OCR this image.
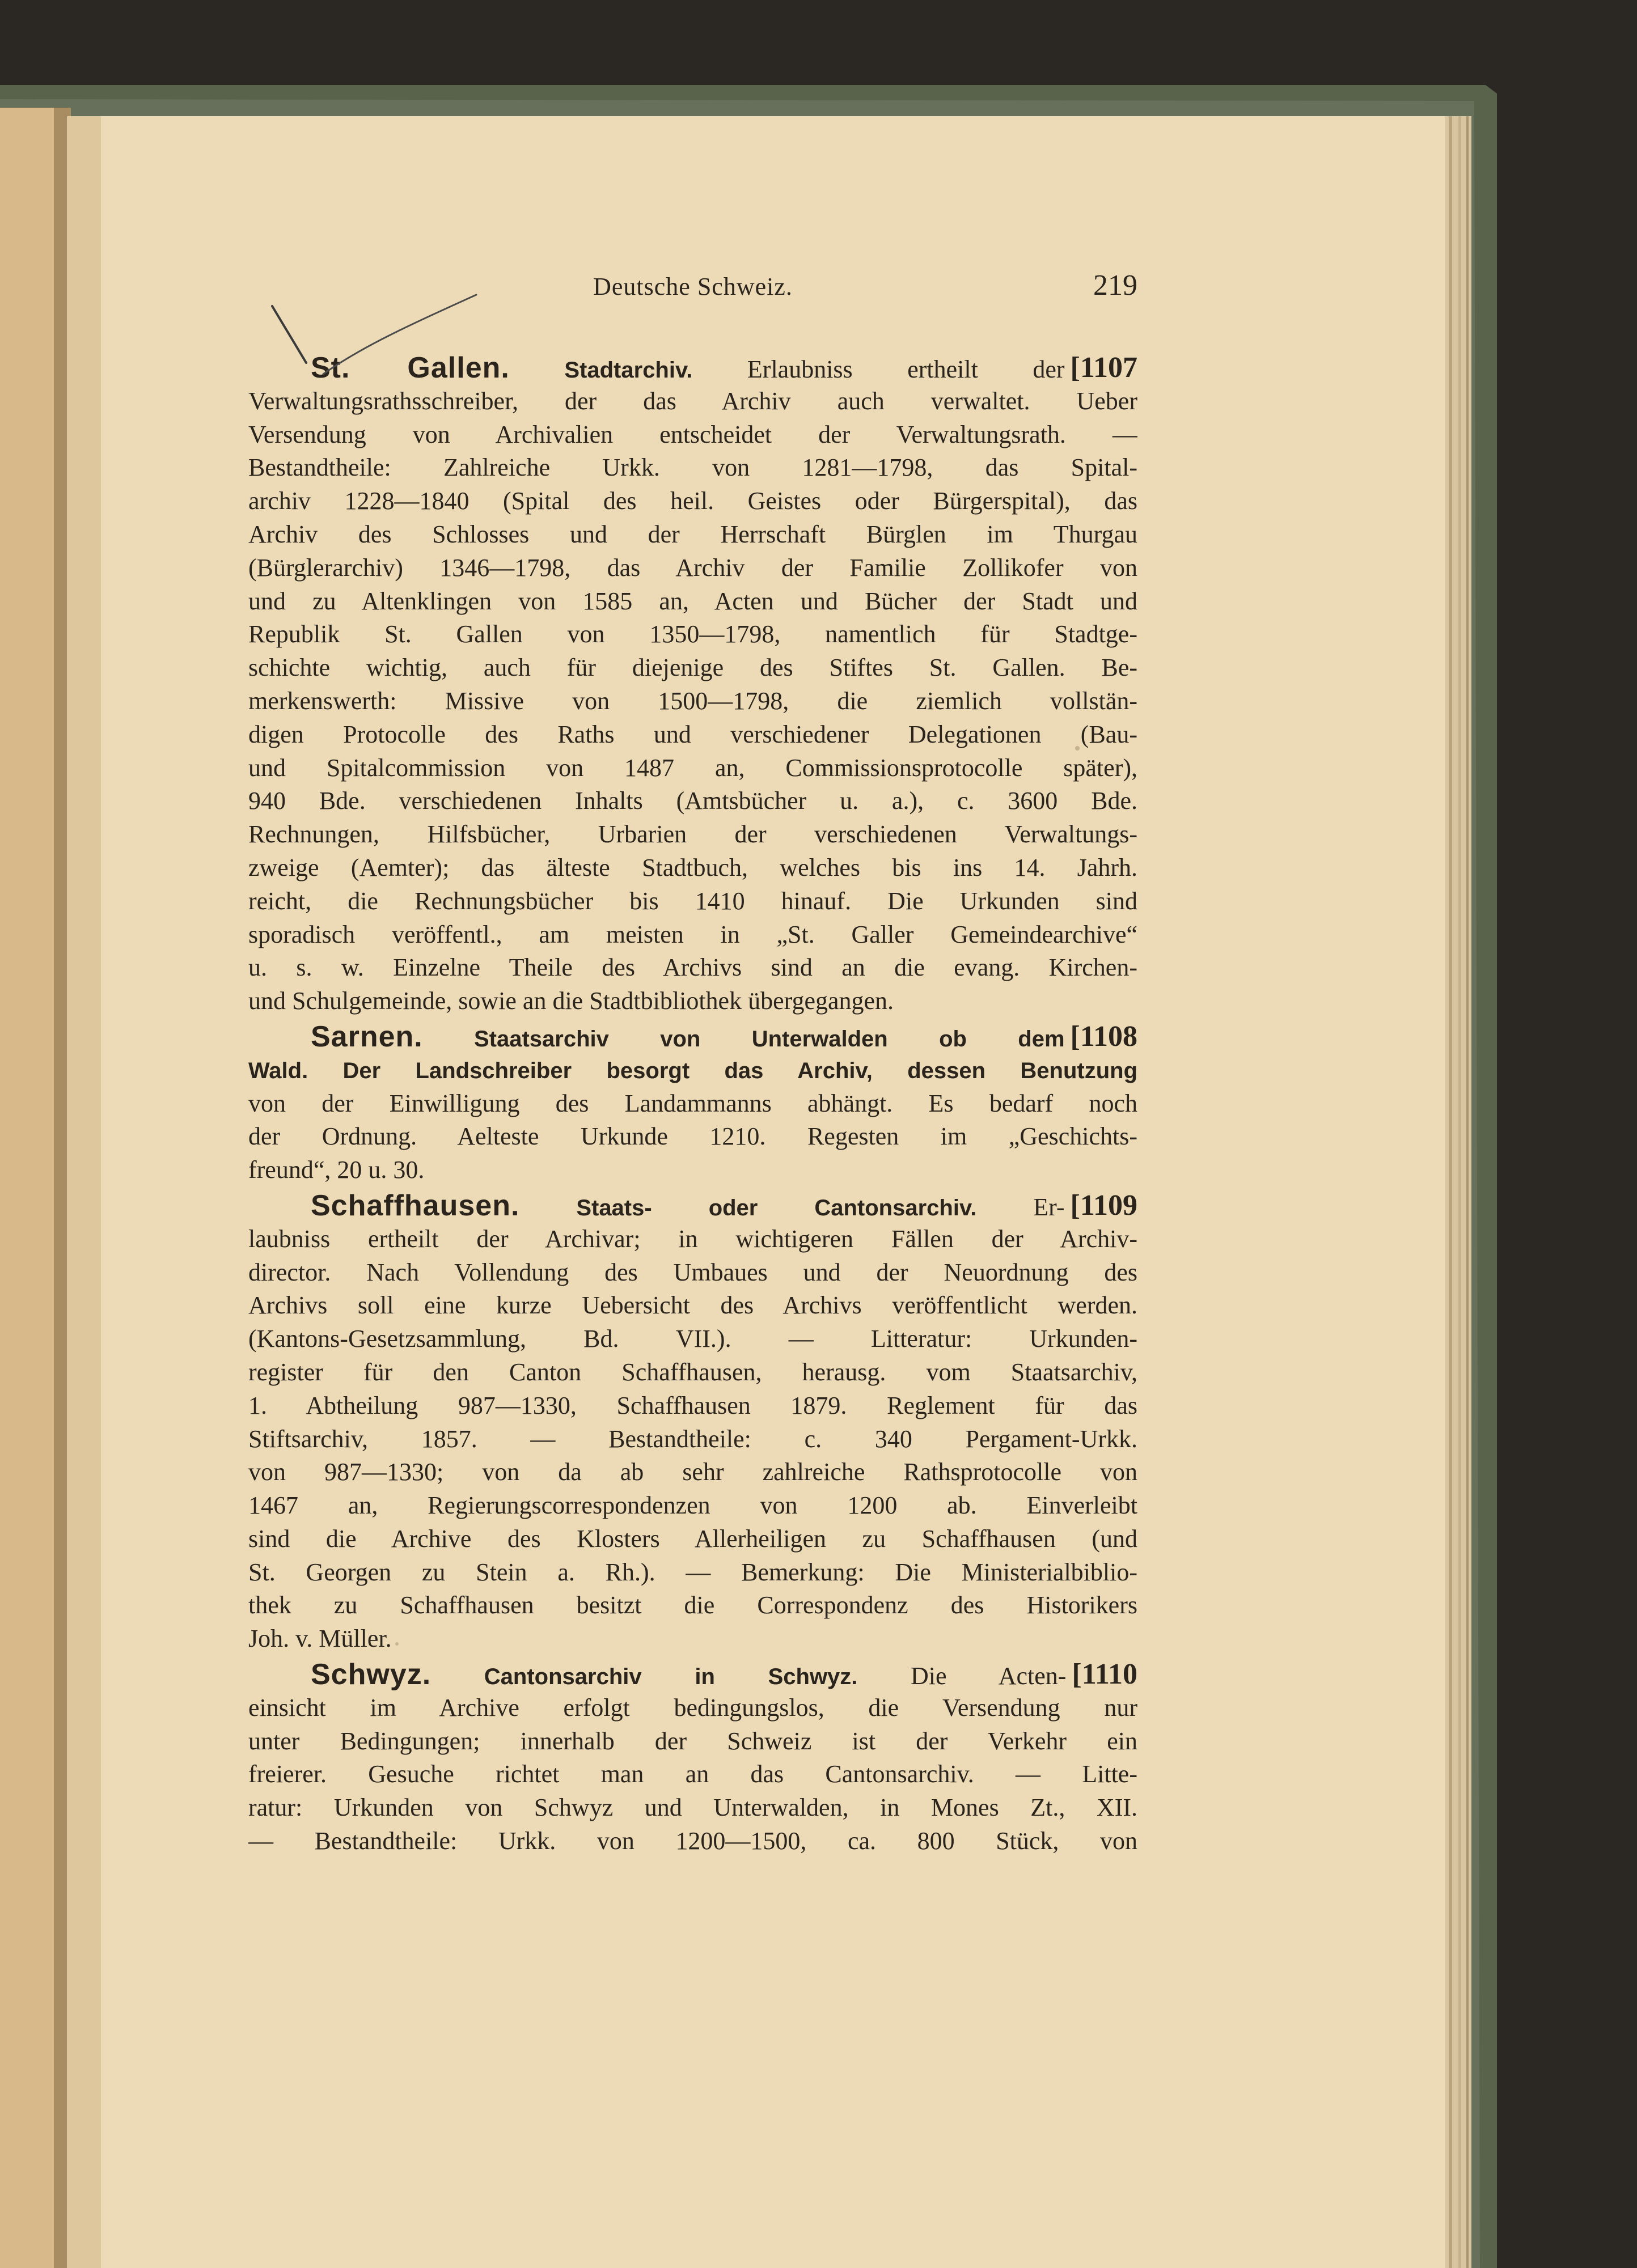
Deutsche Schweiz.	219
[1107
St. Gallen. Stadtarchiv. Erlaubniss ertheilt der
Verwaltungsrathsschreiber, der das Archiv auch verwaltet. Ueber
Versendung von Archivalien entscheidet der Verwaltungsrath. —
Bestandtheile: Zahlreiche Urkk. von 1281—1798, das Spital-
archiv 1228—1840 (Spital des heil. Geistes oder Bürgerspital), das
Archiv des Schlosses und der Herrschaft Bürglen im Thurgau
(Bürglerarchiv) 1346—1798, das Archiv der Familie Zollikofer von
und zu Altenklingen von 1585 an, Acten und Bücher der Stadt und
Republik St. Gallen von 1350—1798, namentlich für Stadtge-
schichte wichtig, auch für diejenige des Stiftes St. Gallen. Be-
merkenswerth: Missive von 1500—1798, die ziemlich vollstän-
digen Protocolle des Raths und verschiedener Delegationen (Bau-
und Spitalcommission von 1487 an, Commissionsprotocolle später),
940 Bde. verschiedenen Inhalts (Amtsbücher u. a.), c. 3600 Bde.
Rechnungen, Hilfsbücher, Urbarien der verschiedenen Verwaltungs-
zweige (Aemter); das älteste Stadtbuch, welches bis ins 14. Jahrh.
reicht, die Rechnungsbücher bis 1410 hinauf. Die Urkunden sind
sporadisch veröffentl., am meisten in „St. Galler Gemeindearchive“
u. s. w. Einzelne Theile des Archivs sind an die evang. Kirchen-
und Schulgemeinde, sowie an die Stadtbibliothek übergegangen.
[1108
Sarnen. Staatsarchiv von Unterwalden ob dem
Wald. Der Landschreiber besorgt das Archiv, dessen Benutzung
von der Einwilligung des Landammanns abhängt. Es bedarf noch
der Ordnung. Aelteste Urkunde 1210. Regesten im „Geschichts-
freund“, 20 u. 30.
[1109
Schaffhausen. Staats- oder Cantonsarchiv. Er-
laubniss ertheilt der Archivar; in wichtigeren Fällen der Archiv-
director. Nach Vollendung des Umbaues und der Neuordnung des
Archivs soll eine kurze Uebersicht des Archivs veröffentlicht werden.
(Kantons-Gesetzsammlung, Bd. VII.). — Litteratur: Urkunden-
register für den Canton Schaffhausen, herausg. vom Staatsarchiv,
1. Abtheilung 987—1330, Schaffhausen 1879. Reglement für das
Stiftsarchiv, 1857. — Bestandtheile: c. 340 Pergament-Urkk.
von 987—1330; von da ab sehr zahlreiche Rathsprotocolle von
1467 an, Regierungscorrespondenzen von 1200 ab. Einverleibt
sind die Archive des Klosters Allerheiligen zu Schaffhausen (und
St. Georgen zu Stein a. Rh.). — Bemerkung: Die Ministerialbiblio-
thek zu Schaffhausen besitzt die Correspondenz des Historikers
Joh. v. Müller.
[1110
Schwyz. Cantonsarchiv in Schwyz. Die Acten-
einsicht im Archive erfolgt bedingungslos, die Versendung nur
unter Bedingungen; innerhalb der Schweiz ist der Verkehr ein
freierer. Gesuche richtet man an das Cantonsarchiv. — Litte-
ratur: Urkunden von Schwyz und Unterwalden, in Mones Zt., XII.
— Bestandtheile: Urkk. von 1200—1500, ca. 800 Stück, von
